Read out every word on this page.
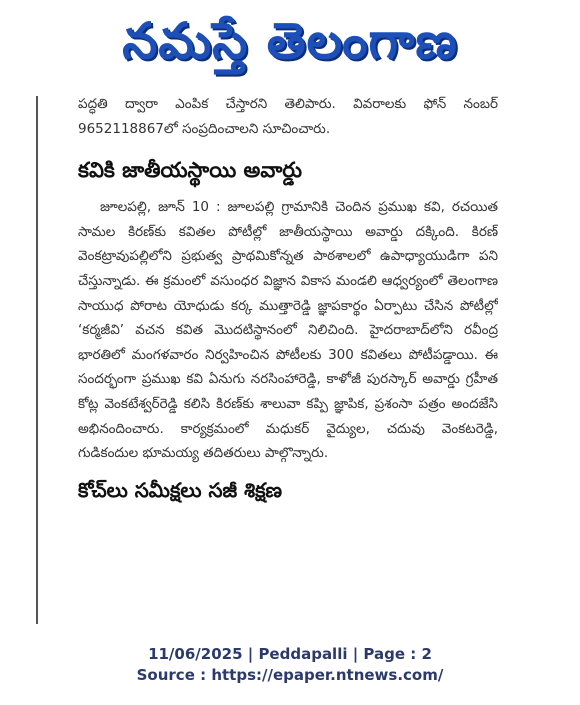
నమస్తే తెలంగాణ

పద్ధతి ద్వారా ఎంపిక చేస్తారని తెలిపారు. వివరాలకు ఫోన్ నంబర్ 9652118867లో సంప్రదించాలని సూచించారు.

కవికి జాతీయస్థాయి అవార్డు

జూలపల్లి, జూన్ 10 : జూలపల్లి గ్రామానికి చెందిన ప్రముఖ కవి, రచయిత సామల కిరణ్‌కు కవితల పోటీల్లో జాతీయస్థాయి అవార్డు దక్కింది. కిరణ్ వెంకట్రావుపల్లిలోని ప్రభుత్వ ప్రాథమికోన్నత పాఠశాలలో ఉపాధ్యాయుడిగా పని చేస్తున్నాడు. ఈ క్రమంలో వసుంధర విజ్ఞాన వికాస మండలి ఆధ్వర్యంలో తెలంగాణ సాయుధ పోరాట యోధుడు కర్క ముత్తారెడ్డి జ్ఞాపకార్థం ఏర్పాటు చేసిన పోటీల్లో ‘కర్మజీవి’ వచన కవిత మొదటిస్థానంలో నిలిచింది. హైదరాబాద్‌లోని రవీంద్ర భారతిలో మంగళవారం నిర్వహించిన పోటీలకు 300 కవితలు పోటీపడ్డాయి. ఈ సందర్భంగా ప్రముఖ కవి ఏనుగు నరసింహారెడ్డి, కాళోజీ పురస్కార్ అవార్డు గ్రహీత కోట్ల వెంకటేశ్వర్‌రెడ్డి కలిసి కిరణ్‌కు శాలువా కప్పి జ్ఞాపిక, ప్రశంసా పత్రం అందజేసి అభినందించారు. కార్యక్రమంలో మధుకర్ వైద్యుల, చదువు వెంకటరెడ్డి, గుడికందుల భూమయ్య తదితరులు పాల్గొన్నారు.

కోచ్‌లు సమీక్షలు సజీ శిక్షణ
11/06/2025 | Peddapalli | Page : 2
Source : https://epaper.ntnews.com/
